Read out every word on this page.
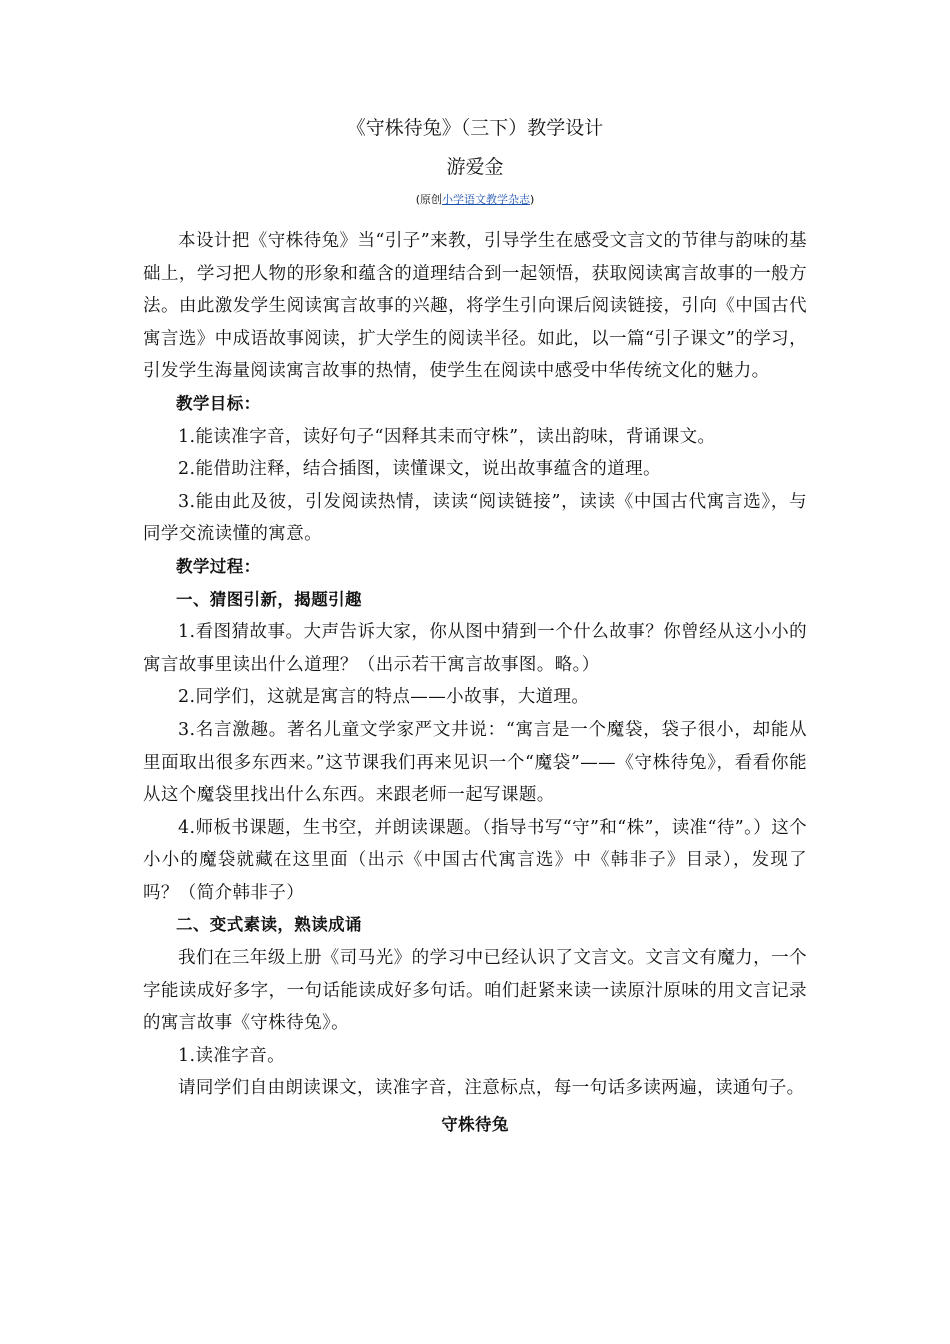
《守株待兔》（三下）教学设计
游爱金
(原创小学语文教学杂志)

本设计把《守株待兔》当“引子”来教，引导学生在感受文言文的节律与韵味的基础上，学习把人物的形象和蕴含的道理结合到一起领悟，获取阅读寓言故事的一般方法。由此激发学生阅读寓言故事的兴趣，将学生引向课后阅读链接，引向《中国古代寓言选》中成语故事阅读，扩大学生的阅读半径。如此，以一篇“引子课文”的学习，引发学生海量阅读寓言故事的热情，使学生在阅读中感受中华传统文化的魅力。

教学目标：

1.能读准字音，读好句子“因释其耒而守株”，读出韵味，背诵课文。

2.能借助注释，结合插图，读懂课文，说出故事蕴含的道理。

3.能由此及彼，引发阅读热情，读读“阅读链接”，读读《中国古代寓言选》，与同学交流读懂的寓意。

教学过程：

一、猜图引新，揭题引趣

1.看图猜故事。大声告诉大家，你从图中猜到一个什么故事？你曾经从这小小的寓言故事里读出什么道理？（出示若干寓言故事图。略。）

2.同学们，这就是寓言的特点——小故事，大道理。

3.名言激趣。著名儿童文学家严文井说：“寓言是一个魔袋，袋子很小，却能从里面取出很多东西来。”这节课我们再来见识一个“魔袋”——《守株待兔》，看看你能从这个魔袋里找出什么东西。来跟老师一起写课题。

4.师板书课题，生书空，并朗读课题。（指导书写“守”和“株”，读准“待”。）这个小小的魔袋就藏在这里面（出示《中国古代寓言选》中《韩非子》目录），发现了吗？（简介韩非子）

二、变式素读，熟读成诵

我们在三年级上册《司马光》的学习中已经认识了文言文。文言文有魔力，一个字能读成好多字，一句话能读成好多句话。咱们赶紧来读一读原汁原味的用文言记录的寓言故事《守株待兔》。

1.读准字音。

请同学们自由朗读课文，读准字音，注意标点，每一句话多读两遍，读通句子。

守株待兔
